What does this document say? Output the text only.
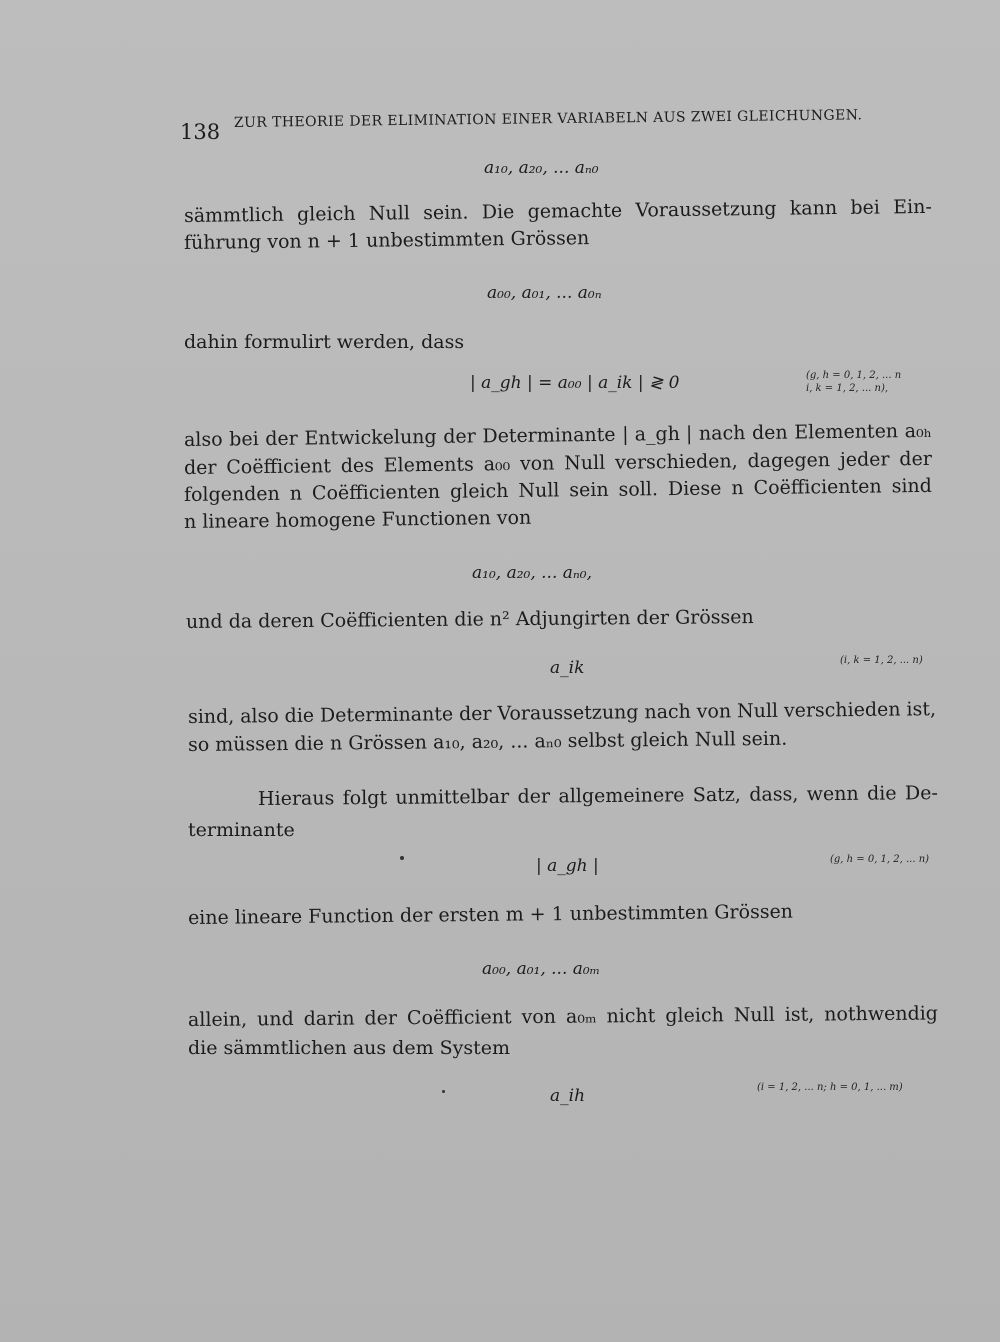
138
ZUR THEORIE DER ELIMINATION EINER VARIABELN AUS ZWEI GLEICHUNGEN.
a₁₀, a₂₀, ... aₙ₀
sämmtlich gleich Null sein. Die gemachte Voraussetzung kann bei Ein-
führung von n + 1 unbestimmten Grössen
a₀₀, a₀₁, ... a₀ₙ
dahin formulirt werden, dass
| a_gh | = a₀₀ | a_ik | ≷ 0	(g, h = 0, 1, 2, ... n
i, k = 1, 2, ... n),
also bei der Entwickelung der Determinante | a_gh | nach den Elementen a₀ₕ
der Coëfficient des Elements a₀₀ von Null verschieden, dagegen jeder der
folgenden n Coëfficienten gleich Null sein soll. Diese n Coëfficienten sind
n lineare homogene Functionen von
a₁₀, a₂₀, ... aₙ₀,
und da deren Coëfficienten die n² Adjungirten der Grössen
a_ik	(i, k = 1, 2, ... n)
sind, also die Determinante der Voraussetzung nach von Null verschieden ist,
so müssen die n Grössen a₁₀, a₂₀, ... aₙ₀ selbst gleich Null sein.
Hieraus folgt unmittelbar der allgemeinere Satz, dass, wenn die De-
terminante
| a_gh |	(g, h = 0, 1, 2, ... n)
eine lineare Function der ersten m + 1 unbestimmten Grössen
a₀₀, a₀₁, ... a₀ₘ
allein, und darin der Coëfficient von a₀ₘ nicht gleich Null ist, nothwendig
die sämmtlichen aus dem System
a_ih	(i = 1, 2, ... n; h = 0, 1, ... m)
